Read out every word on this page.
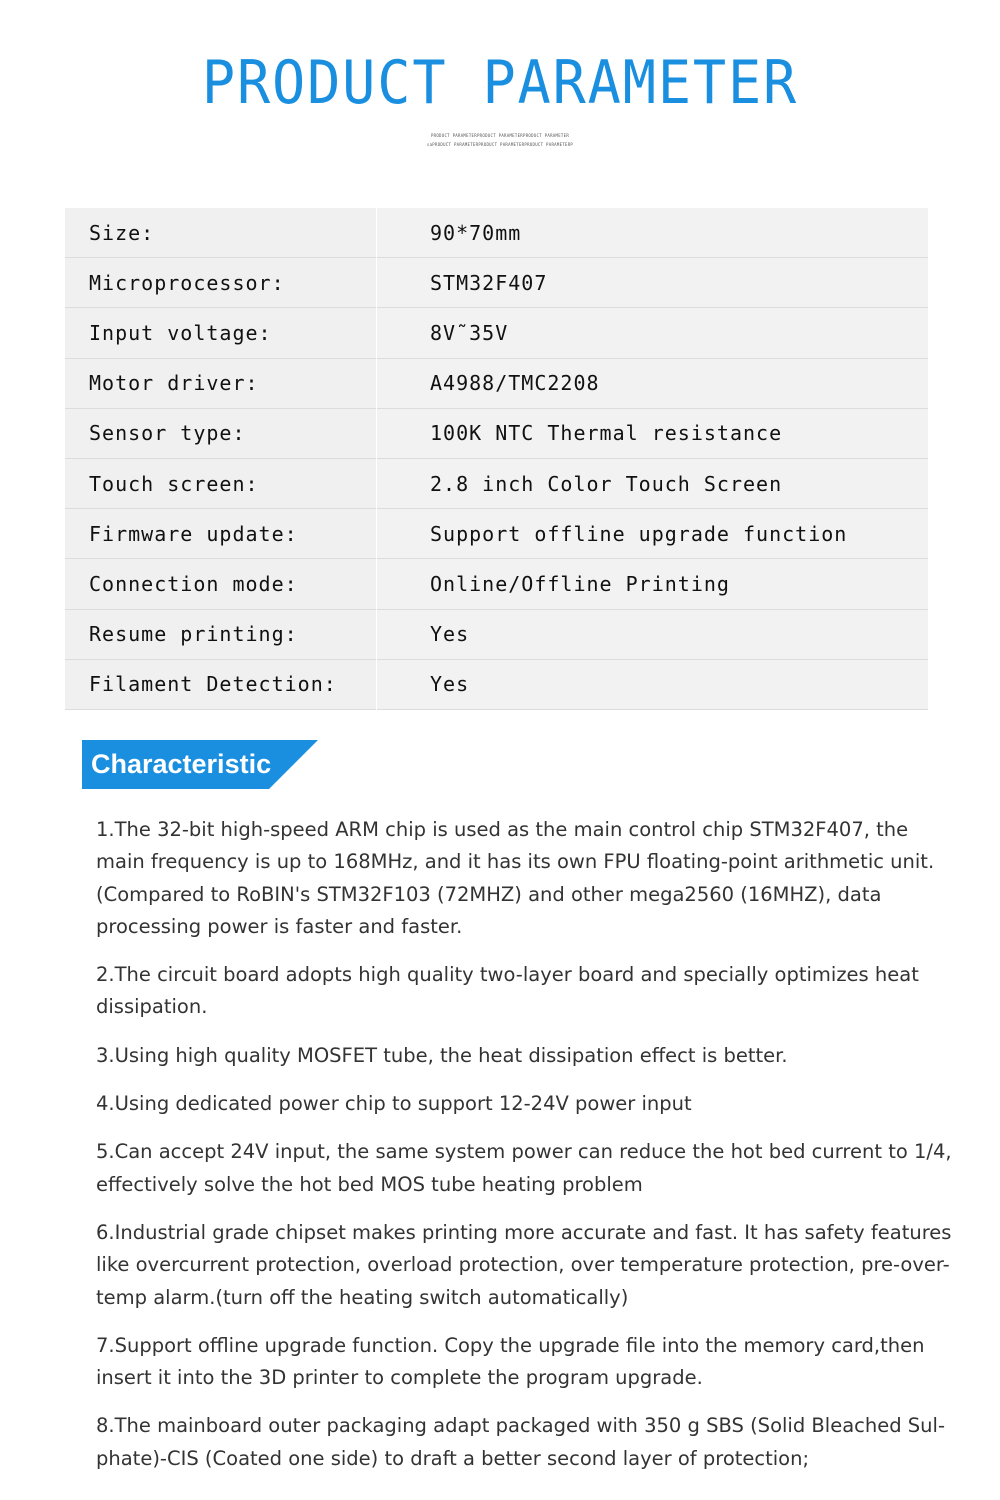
PRODUCT PARAMETER
PRODUCT PARAMETERPRODUCT PARAMETERPRODUCT PARAMETER
saPRODUCT PARAMETERPRODUCT PARAMETERPRODUCT PARAMETERP
Size:	90*70mm
Microprocessor:	STM32F407
Input voltage:	8V˜35V
Motor driver:	A4988/TMC2208
Sensor type:	100K NTC Thermal resistance
Touch screen:	2.8 inch Color Touch Screen
Firmware update:	Support offline upgrade function
Connection mode:	Online/Offline Printing
Resume printing:	Yes
Filament Detection:	Yes
Characteristic

1.The 32-bit high-speed ARM chip is used as the main control chip STM32F407, the main frequency is up to 168MHz, and it has its own FPU floating-point arithmetic unit. (Compared to RoBIN's STM32F103 (72MHZ) and other mega2560 (16MHZ), data processing power is faster and faster.

2.The circuit board adopts high quality two-layer board and specially optimizes heat dissipation.

3.Using high quality MOSFET tube, the heat dissipation effect is better.

4.Using dedicated power chip to support 12-24V power input

5.Can accept 24V input, the same system power can reduce the hot bed current to 1/4, effectively solve the hot bed MOS tube heating problem

6.Industrial grade chipset makes printing more accurate and fast. It has safety features like overcurrent protection, overload protection, over temperature protection, pre-over-temp alarm.(turn off the heating switch automatically)

7.Support offline upgrade function. Copy the upgrade file into the memory card,then insert it into the 3D printer to complete the program upgrade.

8.The mainboard outer packaging adapt packaged with 350 g SBS (Solid Bleached Sul-phate)-CIS (Coated one side) to draft a better second layer of protection;
